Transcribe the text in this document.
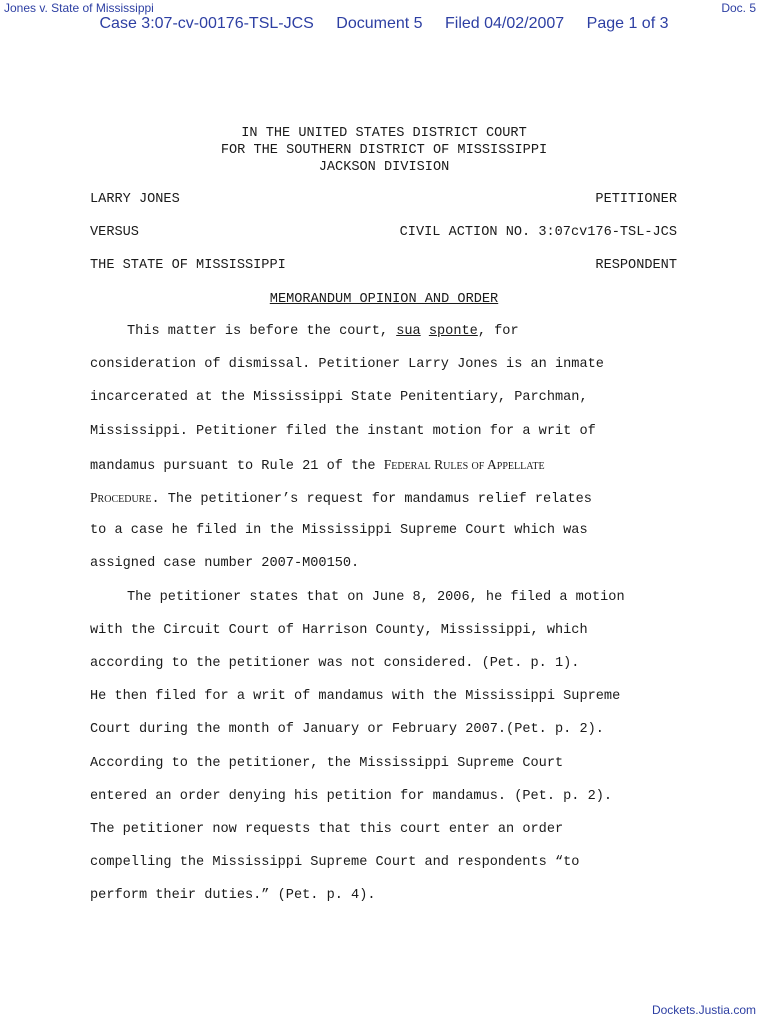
Jones v. State of Mississippi	Doc. 5
Case 3:07-cv-00176-TSL-JCS Document 5 Filed 04/02/2007 Page 1 of 3
IN THE UNITED STATES DISTRICT COURT
FOR THE SOUTHERN DISTRICT OF MISSISSIPPI
JACKSON DIVISION
LARRY JONES	PETITIONER
VERSUS	CIVIL ACTION NO. 3:07cv176-TSL-JCS
THE STATE OF MISSISSIPPI	RESPONDENT
MEMORANDUM OPINION AND ORDER
This matter is before the court, sua sponte, for
consideration of dismissal. Petitioner Larry Jones is an inmate
incarcerated at the Mississippi State Penitentiary, Parchman,
Mississippi. Petitioner filed the instant motion for a writ of
mandamus pursuant to Rule 21 of the Federal Rules of Appellate
Procedure. The petitioner’s request for mandamus relief relates
to a case he filed in the Mississippi Supreme Court which was
assigned case number 2007-M00150.
The petitioner states that on June 8, 2006, he filed a motion
with the Circuit Court of Harrison County, Mississippi, which
according to the petitioner was not considered. (Pet. p. 1).
He then filed for a writ of mandamus with the Mississippi Supreme
Court during the month of January or February 2007.(Pet. p. 2).
According to the petitioner, the Mississippi Supreme Court
entered an order denying his petition for mandamus. (Pet. p. 2).
The petitioner now requests that this court enter an order
compelling the Mississippi Supreme Court and respondents “to
perform their duties.” (Pet. p. 4).
Dockets.Justia.com
